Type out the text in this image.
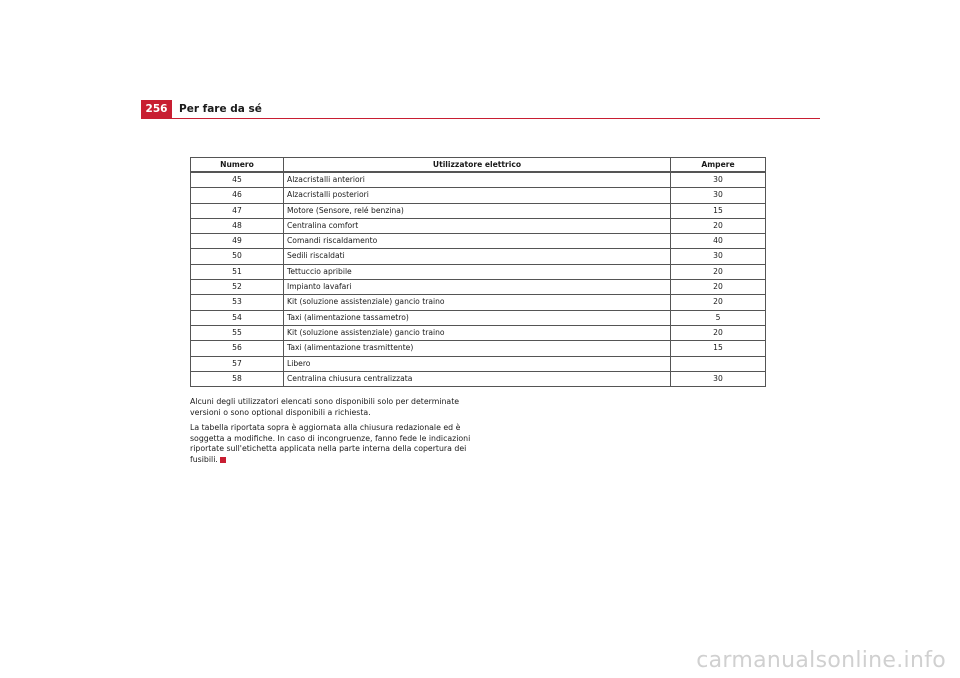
256	Per fare da sé
Numero	Utilizzatore elettrico	Ampere
45	Alzacristalli anteriori	30
46	Alzacristalli posteriori	30
47	Motore (Sensore, relé benzina)	15
48	Centralina comfort	20
49	Comandi riscaldamento	40
50	Sedili riscaldati	30
51	Tettuccio apribile	20
52	Impianto lavafari	20
53	Kit (soluzione assistenziale) gancio traino	20
54	Taxi (alimentazione tassametro)	5
55	Kit (soluzione assistenziale) gancio traino	20
56	Taxi (alimentazione trasmittente)	15
57	Libero	
58	Centralina chiusura centralizzata	30

Alcuni degli utilizzatori elencati sono disponibili solo per determinate versioni o sono optional disponibili a richiesta.

La tabella riportata sopra è aggiornata alla chiusura redazionale ed è soggetta a modifiche. In caso di incongruenze, fanno fede le indicazioni riportate sull'etichetta applicata nella parte interna della copertura dei fusibili.

carmanualsonline.info
